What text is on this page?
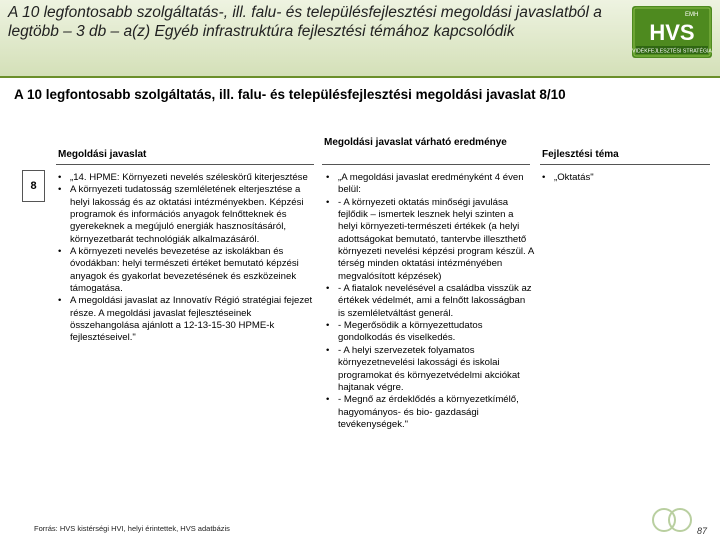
A 10 legfontosabb szolgáltatás-, ill. falu- és településfejlesztési megoldási javaslatból a legtöbb – 3 db – a(z) Egyéb infrastruktúra fejlesztési témához kapcsolódik
EMH
HVS
VIDÉKFEJLESZTÉSI STRATÉGIA
A 10 legfontosabb szolgáltatás, ill. falu- és településfejlesztési megoldási javaslat 8/10
Megoldási javaslat
Megoldási javaslat várható eredménye
Fejlesztési téma
8
• „14. HPME: Környezeti nevelés széleskörű kiterjesztése
• A környezeti tudatosság szemléletének elterjesztése a helyi lakosság és az oktatási intézményekben. Képzési programok és információs anyagok felnőtteknek és gyerekeknek a megújuló energiák hasznosításáról, környezetbarát technológiák alkalmazásáról.
• A környezeti nevelés bevezetése az iskolákban és óvodákban: helyi természeti értéket bemutató képzési anyagok és gyakorlat bevezetésének és eszközeinek támogatása.
• A megoldási javaslat az Innovatív Régió stratégiai fejezet része. A megoldási javaslat fejlesztéseinek összehangolása ajánlott a 12-13-15-30 HPME-k fejlesztéseivel."
• „A megoldási javaslat eredményként 4 éven belül:
• - A környezeti oktatás minőségi javulása fejlődik – ismertek lesznek helyi szinten a helyi környezeti-természeti értékek (a helyi adottságokat bemutató, tantervbe illeszthető környezeti nevelési képzési program készül. A térség minden oktatási intézményében megvalósított képzések)
• - A fiatalok nevelésével a családba visszük az értékek védelmét, ami a felnőtt lakosságban is szemléletváltást generál.
• - Megerősödik a környezettudatos gondolkodás és viselkedés.
• - A helyi szervezetek folyamatos környezetnevelési lakossági és iskolai programokat és környezetvédelmi akciókat hajtanak végre.
• - Megnő az érdeklődés a környezetkímélő, hagyományos- és bio- gazdasági tevékenységek."
• „Oktatás"
Forrás: HVS kistérségi HVI, helyi érintettek, HVS adatbázis	87
